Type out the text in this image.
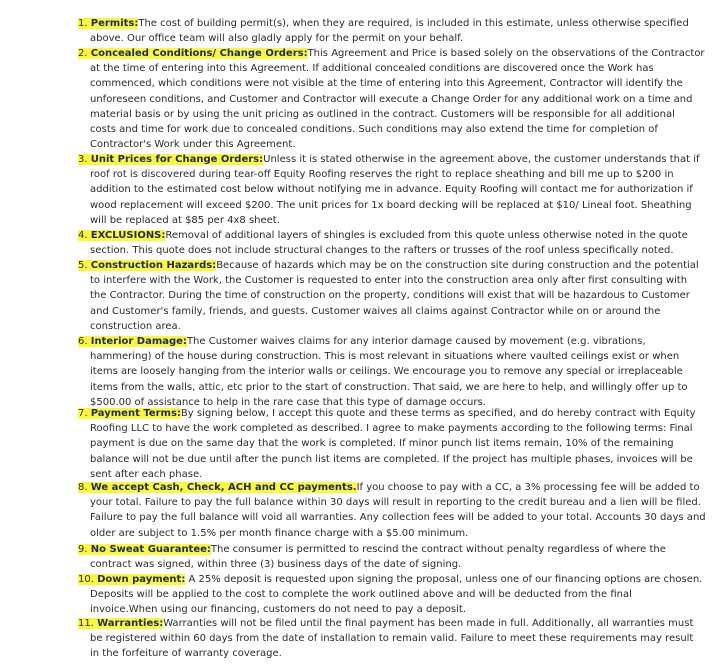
1. Permits:The cost of building permit(s), when they are required, is included in this estimate, unless otherwise specified
above. Our office team will also gladly apply for the permit on your behalf.
2. Concealed Conditions/ Change Orders:This Agreement and Price is based solely on the observations of the Contractor
at the time of entering into this Agreement. If additional concealed conditions are discovered once the Work has
commenced, which conditions were not visible at the time of entering into this Agreement, Contractor will identify the
unforeseen conditions, and Customer and Contractor will execute a Change Order for any additional work on a time and
material basis or by using the unit pricing as outlined in the contract. Customers will be responsible for all additional
costs and time for work due to concealed conditions. Such conditions may also extend the time for completion of
Contractor's Work under this Agreement.
3. Unit Prices for Change Orders:Unless it is stated otherwise in the agreement above, the customer understands that if
roof rot is discovered during tear-off Equity Roofing reserves the right to replace sheathing and bill me up to $200 in
addition to the estimated cost below without notifying me in advance. Equity Roofing will contact me for authorization if
wood replacement will exceed $200. The unit prices for 1x board decking will be replaced at $10/ Lineal foot. Sheathing
will be replaced at $85 per 4x8 sheet.
4. EXCLUSIONS:Removal of additional layers of shingles is excluded from this quote unless otherwise noted in the quote
section. This quote does not include structural changes to the rafters or trusses of the roof unless specifically noted.
5. Construction Hazards:Because of hazards which may be on the construction site during construction and the potential
to interfere with the Work, the Customer is requested to enter into the construction area only after first consulting with
the Contractor. During the time of construction on the property, conditions will exist that will be hazardous to Customer
and Customer's family, friends, and guests. Customer waives all claims against Contractor while on or around the
construction area.
6. Interior Damage:The Customer waives claims for any interior damage caused by movement (e.g. vibrations,
hammering) of the house during construction. This is most relevant in situations where vaulted ceilings exist or when
items are loosely hanging from the interior walls or ceilings. We encourage you to remove any special or irreplaceable
items from the walls, attic, etc prior to the start of construction. That said, we are here to help, and willingly offer up to
$500.00 of assistance to help in the rare case that this type of damage occurs.
7. Payment Terms:By signing below, I accept this quote and these terms as specified, and do hereby contract with Equity
Roofing LLC to have the work completed as described. I agree to make payments according to the following terms: Final
payment is due on the same day that the work is completed. If minor punch list items remain, 10% of the remaining
balance will not be due until after the punch list items are completed. If the project has multiple phases, invoices will be
sent after each phase.
8. We accept Cash, Check, ACH and CC payments.If you choose to pay with a CC, a 3% processing fee will be added to
your total. Failure to pay the full balance within 30 days will result in reporting to the credit bureau and a lien will be filed.
Failure to pay the full balance will void all warranties. Any collection fees will be added to your total. Accounts 30 days and
older are subject to 1.5% per month finance charge with a $5.00 minimum.
9. No Sweat Guarantee:The consumer is permitted to rescind the contract without penalty regardless of where the
contract was signed, within three (3) business days of the date of signing.
10. Down payment: A 25% deposit is requested upon signing the proposal, unless one of our financing options are chosen.
Deposits will be applied to the cost to complete the work outlined above and will be deducted from the final
invoice.When using our financing, customers do not need to pay a deposit.
11. Warranties:Warranties will not be filed until the final payment has been made in full. Additionally, all warranties must
be registered within 60 days from the date of installation to remain valid. Failure to meet these requirements may result
in the forfeiture of warranty coverage.
